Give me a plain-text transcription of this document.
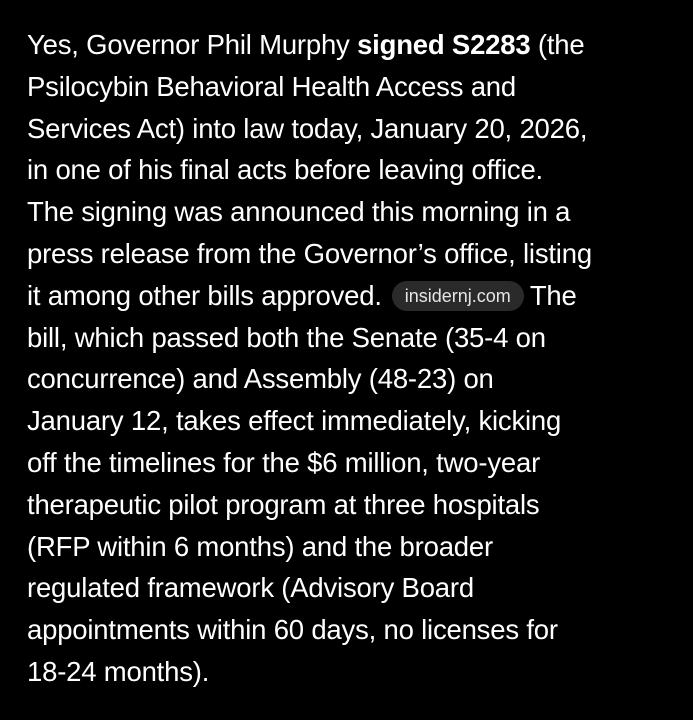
Yes, Governor Phil Murphy signed S2283 (the
Psilocybin Behavioral Health Access and
Services Act) into law today, January 20, 2026,
in one of his final acts before leaving office.
The signing was announced this morning in a
press release from the Governor’s office, listing
it among other bills approved. insidernj.com The
bill, which passed both the Senate (35-4 on
concurrence) and Assembly (48-23) on
January 12, takes effect immediately, kicking
off the timelines for the $6 million, two-year
therapeutic pilot program at three hospitals
(RFP within 6 months) and the broader
regulated framework (Advisory Board
appointments within 60 days, no licenses for
18-24 months).
